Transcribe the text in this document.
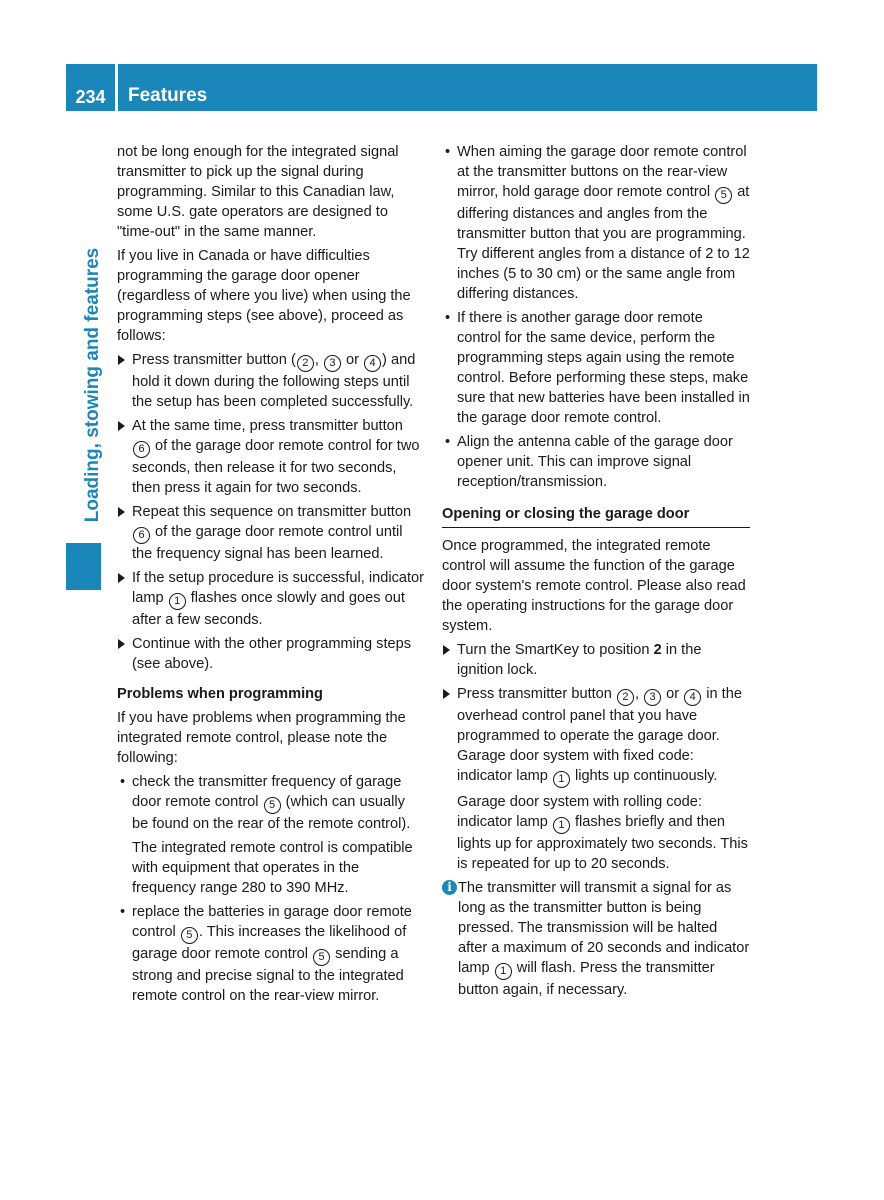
234	Features
Loading, stowing and features

not be long enough for the integrated signal transmitter to pick up the signal during programming. Similar to this Canadian law, some U.S. gate operators are designed to "time-out" in the same manner.

If you live in Canada or have difficulties programming the garage door opener (regardless of where you live) when using the programming steps (see above), proceed as follows:

Press transmitter button ( 2 , 3 or 4 ) and hold it down during the following steps until the setup has been completed successfully.
At the same time, press transmitter button 6 of the garage door remote control for two seconds, then release it for two seconds, then press it again for two seconds.
Repeat this sequence on transmitter button 6 of the garage door remote control until the frequency signal has been learned.
If the setup procedure is successful, indicator lamp 1 flashes once slowly and goes out after a few seconds.
Continue with the other programming steps (see above).
Problems when programming

If you have problems when programming the integrated remote control, please note the following:

• check the transmitter frequency of garage door remote control 5 (which can usually be found on the rear of the remote control).

The integrated remote control is compatible with equipment that operates in the frequency range 280 to 390 MHz.

• replace the batteries in garage door remote control 5 . This increases the likelihood of garage door remote control 5 sending a strong and precise signal to the integrated remote control on the rear-view mirror.
• When aiming the garage door remote control at the transmitter buttons on the rear-view mirror, hold garage door remote control 5 at differing distances and angles from the transmitter button that you are programming. Try different angles from a distance of 2 to 12 inches (5 to 30 cm) or the same angle from differing distances.
• If there is another garage door remote control for the same device, perform the programming steps again using the remote control. Before performing these steps, make sure that new batteries have been installed in the garage door remote control.
• Align the antenna cable of the garage door opener unit. This can improve signal reception/transmission.
Opening or closing the garage door

Once programmed, the integrated remote control will assume the function of the garage door system's remote control. Please also read the operating instructions for the garage door system.

Turn the SmartKey to position 2 in the ignition lock.
Press transmitter button 2 , 3 or 4 in the overhead control panel that you have programmed to operate the garage door. Garage door system with fixed code: indicator lamp 1 lights up continuously.

Garage door system with rolling code: indicator lamp 1 flashes briefly and then lights up for approximately two seconds. This is repeated for up to 20 seconds.

i The transmitter will transmit a signal for as long as the transmitter button is being pressed. The transmission will be halted after a maximum of 20 seconds and indicator lamp 1 will flash. Press the transmitter button again, if necessary.
